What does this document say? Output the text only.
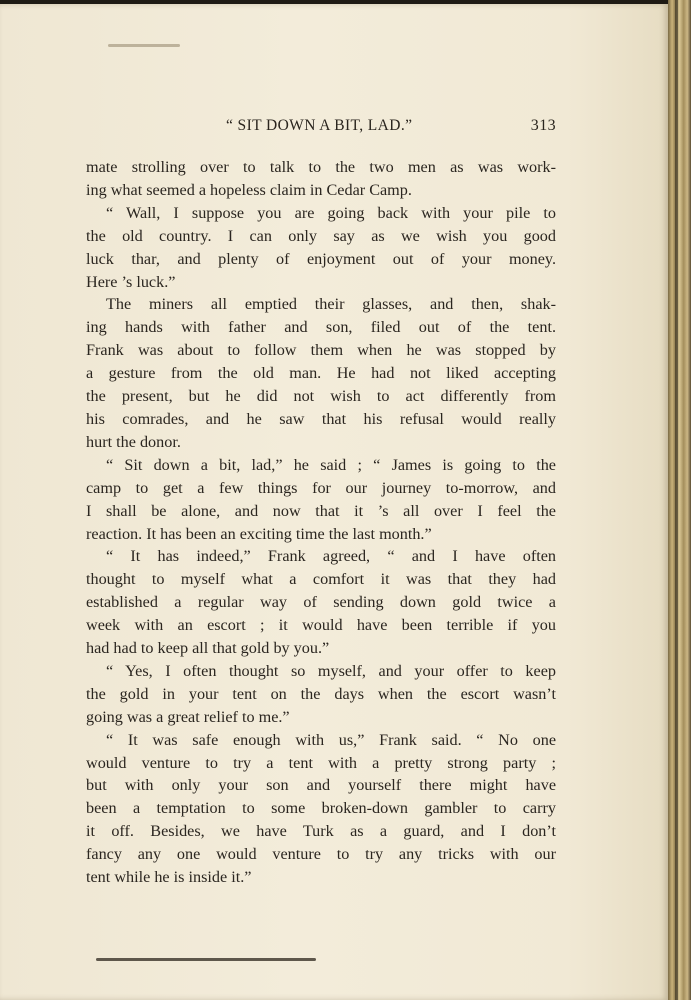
“ SIT DOWN A BIT, LAD.”	313

mate strolling over to talk to the two men as was work-

ing what seemed a hopeless claim in Cedar Camp.

“ Wall, I suppose you are going back with your pile to

the old country. I can only say as we wish you good

luck thar, and plenty of enjoyment out of your money.

Here ’s luck.”

The miners all emptied their glasses, and then, shak-

ing hands with father and son, filed out of the tent.

Frank was about to follow them when he was stopped by

a gesture from the old man. He had not liked accepting

the present, but he did not wish to act differently from

his comrades, and he saw that his refusal would really

hurt the donor.

“ Sit down a bit, lad,” he said ; “ James is going to the

camp to get a few things for our journey to-morrow, and

I shall be alone, and now that it ’s all over I feel the

reaction. It has been an exciting time the last month.”

“ It has indeed,” Frank agreed, “ and I have often

thought to myself what a comfort it was that they had

established a regular way of sending down gold twice a

week with an escort ; it would have been terrible if you

had had to keep all that gold by you.”

“ Yes, I often thought so myself, and your offer to keep

the gold in your tent on the days when the escort wasn’t

going was a great relief to me.”

“ It was safe enough with us,” Frank said. “ No one

would venture to try a tent with a pretty strong party ;

but with only your son and yourself there might have

been a temptation to some broken-down gambler to carry

it off. Besides, we have Turk as a guard, and I don’t

fancy any one would venture to try any tricks with our

tent while he is inside it.”
